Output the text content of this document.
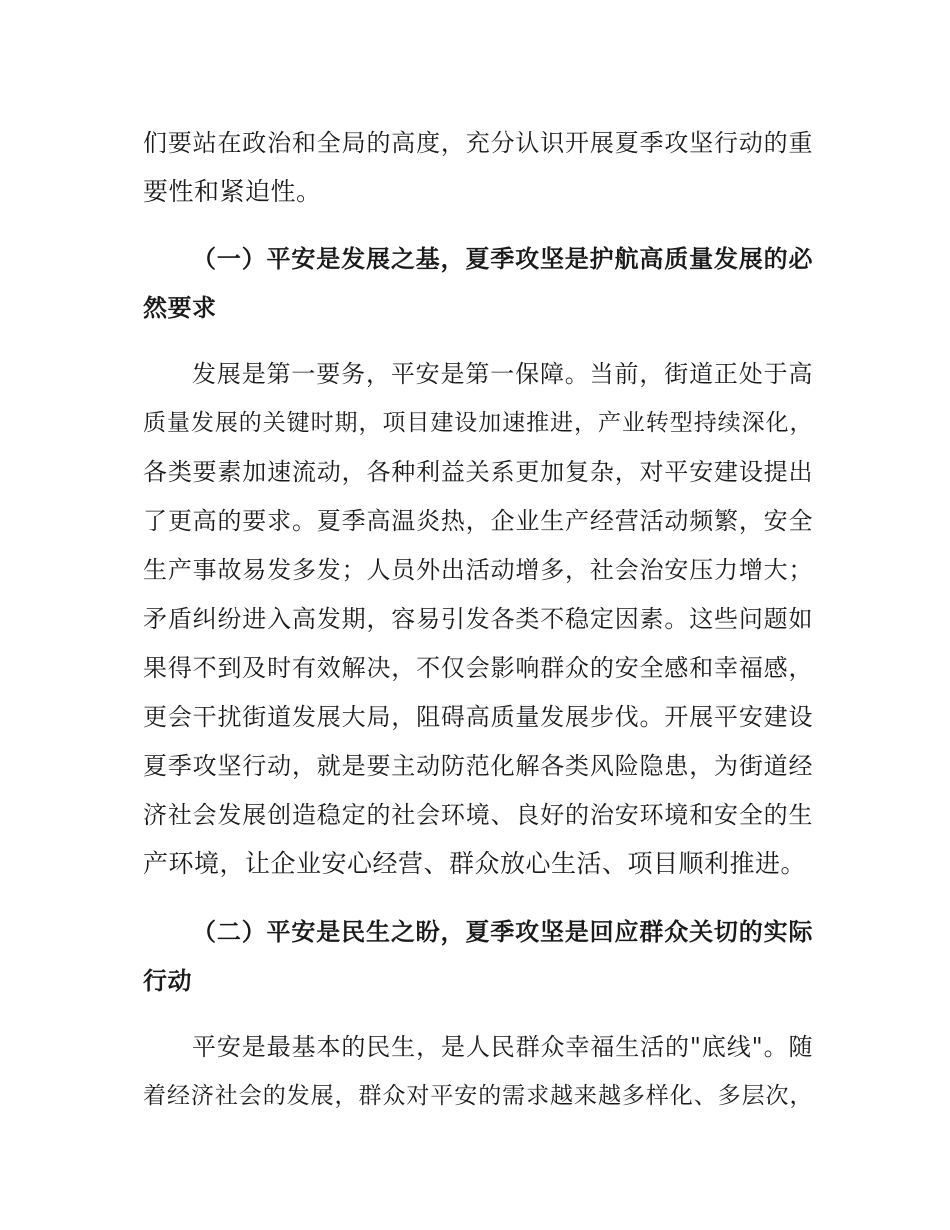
们要站在政治和全局的高度，充分认识开展夏季攻坚行动的重
要性和紧迫性。
（一）平安是发展之基，夏季攻坚是护航高质量发展的必
然要求
发展是第一要务，平安是第一保障。当前，街道正处于高
质量发展的关键时期，项目建设加速推进，产业转型持续深化，
各类要素加速流动，各种利益关系更加复杂，对平安建设提出
了更高的要求。夏季高温炎热，企业生产经营活动频繁，安全
生产事故易发多发；人员外出活动增多，社会治安压力增大；
矛盾纠纷进入高发期，容易引发各类不稳定因素。这些问题如
果得不到及时有效解决，不仅会影响群众的安全感和幸福感，
更会干扰街道发展大局，阻碍高质量发展步伐。开展平安建设
夏季攻坚行动，就是要主动防范化解各类风险隐患，为街道经
济社会发展创造稳定的社会环境、良好的治安环境和安全的生
产环境，让企业安心经营、群众放心生活、项目顺利推进。
（二）平安是民生之盼，夏季攻坚是回应群众关切的实际
行动
平安是最基本的民生，是人民群众幸福生活的"底线"。随
着经济社会的发展，群众对平安的需求越来越多样化、多层次，
